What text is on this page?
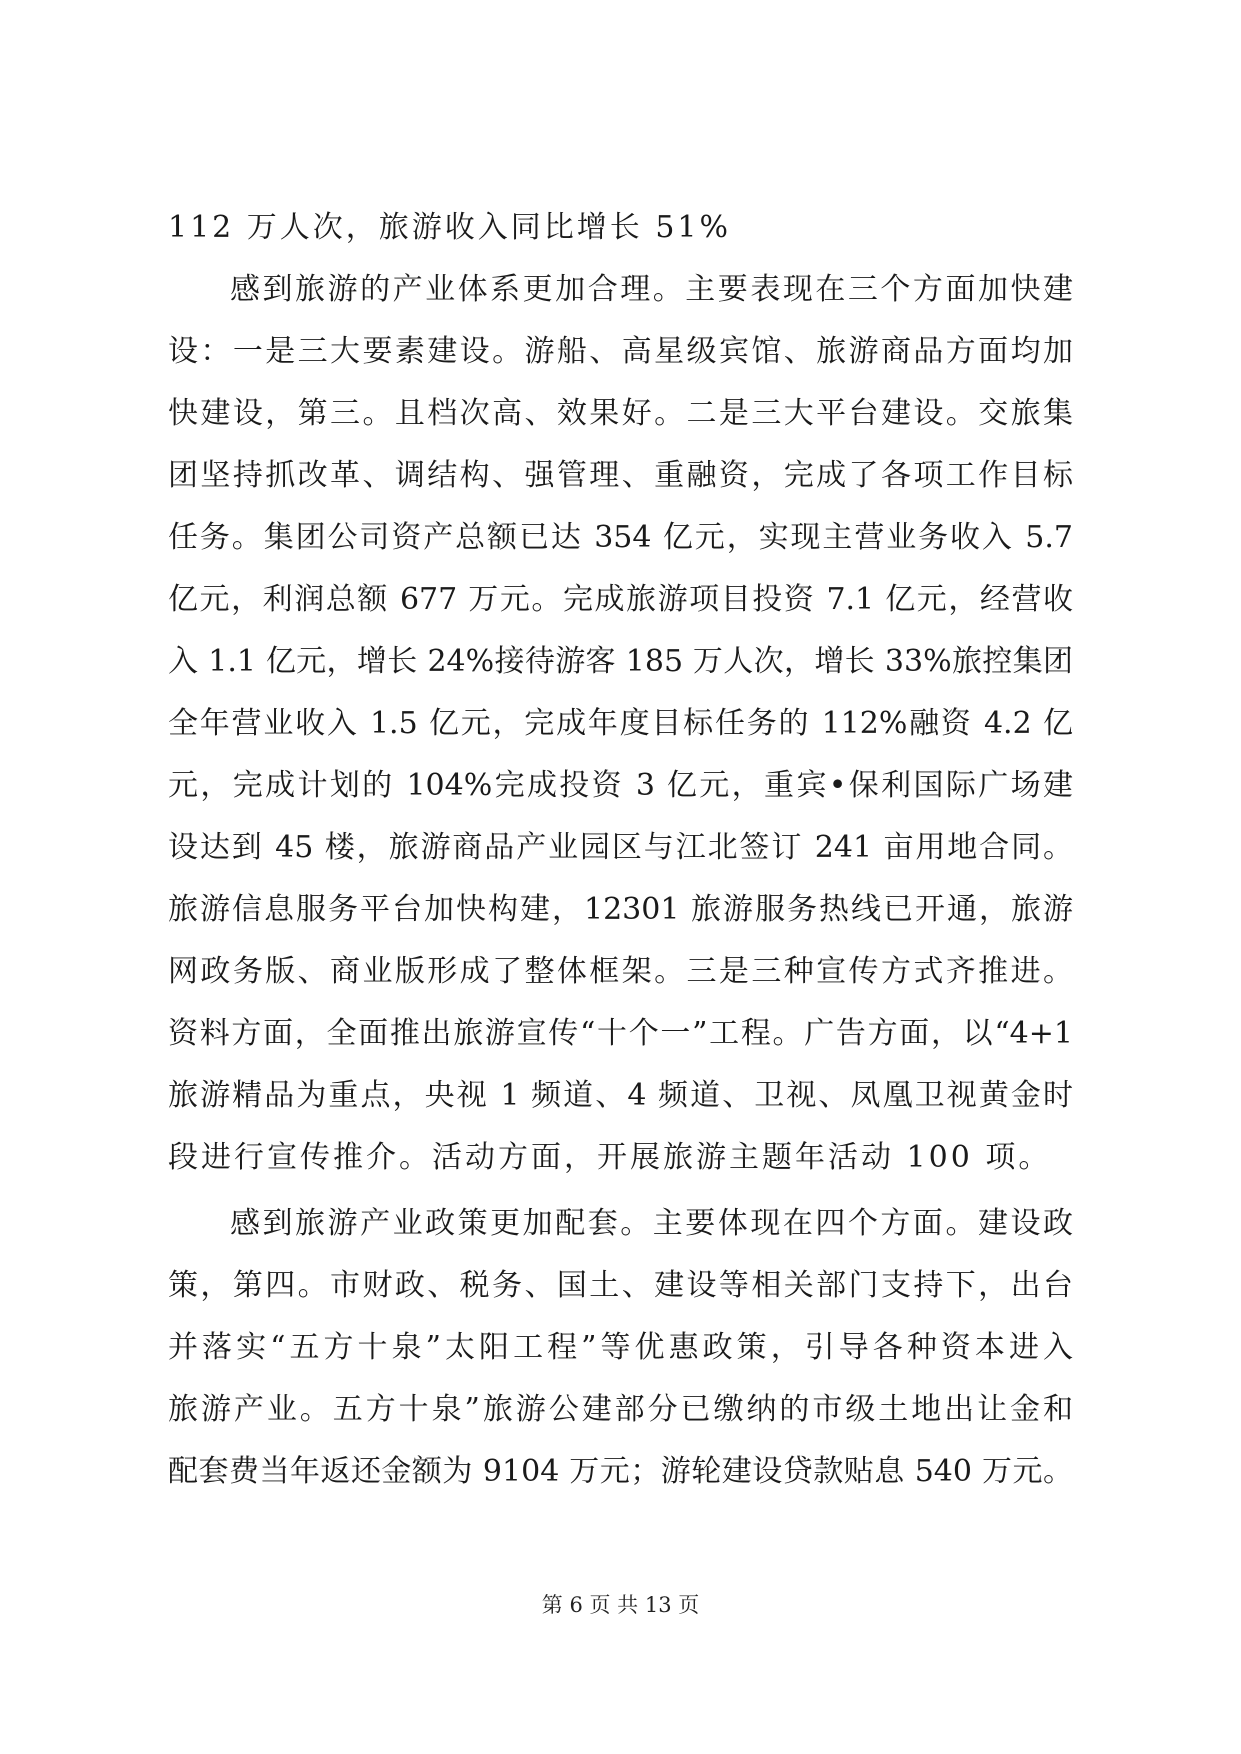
112 万人次，旅游收入同比增长 51%
感到旅游的产业体系更加合理。主要表现在三个方面加快建
设：一是三大要素建设。游船、高星级宾馆、旅游商品方面均加
快建设，第三。且档次高、效果好。二是三大平台建设。交旅集
团坚持抓改革、调结构、强管理、重融资，完成了各项工作目标
任务。集团公司资产总额已达 354 亿元，实现主营业务收入 5.7
亿元，利润总额 677 万元。完成旅游项目投资 7.1 亿元，经营收
入 1.1 亿元，增长 24%接待游客 185 万人次，增长 33%旅控集团
全年营业收入 1.5 亿元，完成年度目标任务的 112%融资 4.2 亿
元，完成计划的 104%完成投资 3 亿元，重宾•保利国际广场建
设达到 45 楼，旅游商品产业园区与江北签订 241 亩用地合同。
旅游信息服务平台加快构建，12301 旅游服务热线已开通，旅游
网政务版、商业版形成了整体框架。三是三种宣传方式齐推进。
资料方面，全面推出旅游宣传“十个一”工程。广告方面，以“4+1
旅游精品为重点，央视 1 频道、4 频道、卫视、凤凰卫视黄金时
段进行宣传推介。活动方面，开展旅游主题年活动 100 项。
感到旅游产业政策更加配套。主要体现在四个方面。建设政
策，第四。市财政、税务、国土、建设等相关部门支持下，出台
并落实“五方十泉”太阳工程”等优惠政策，引导各种资本进入
旅游产业。五方十泉”旅游公建部分已缴纳的市级土地出让金和
配套费当年返还金额为 9104 万元；游轮建设贷款贴息 540 万元。
第 6 页 共 13 页
